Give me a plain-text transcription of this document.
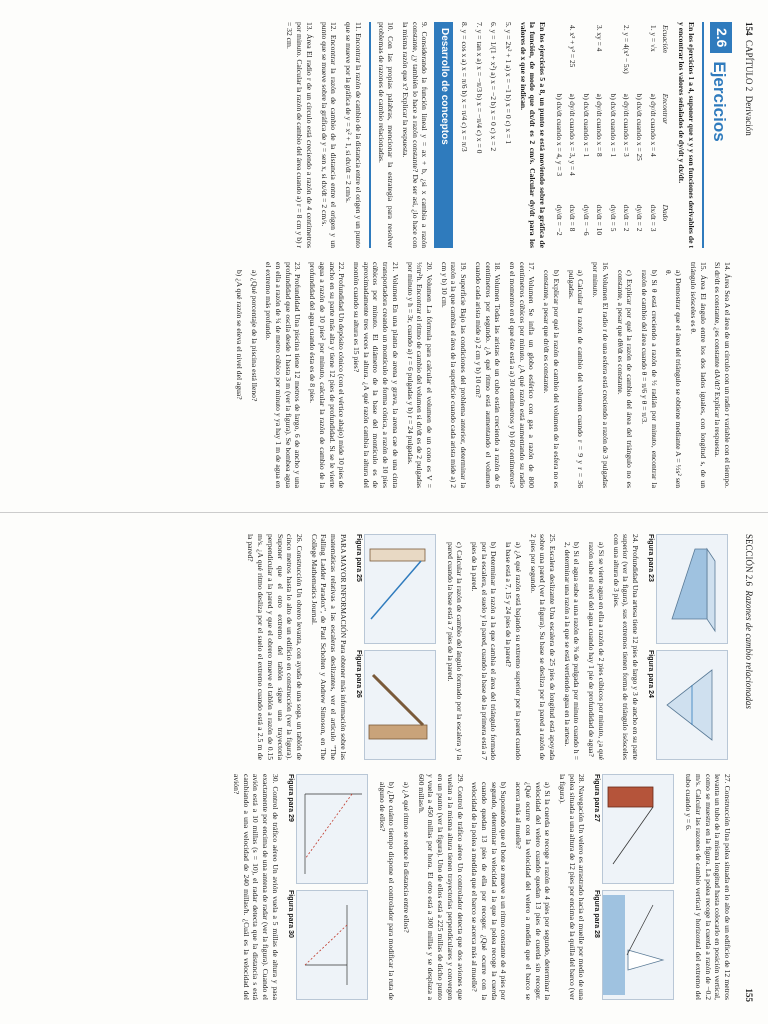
154  CAPÍTULO 2  Derivación
2.6 Ejercicios

En los ejercicios 1 a 4, suponer que x y y son funciones derivables de t y encontrar los valores señalados de dy/dt y dx/dt.

Ecuación	Encontrar	Dado
1. y = √x	a) dy/dt cuando x = 4	dx/dt = 3
	b) dx/dt cuando x = 25	dy/dt = 2
2. y = 4(x² − 5x)	a) dy/dt cuando x = 3	dx/dt = 2
	b) dx/dt cuando x = 1	dy/dt = 5
3. xy = 4	a) dy/dt cuando x = 8	dx/dt = 10
	b) dx/dt cuando x = 1	dy/dt = −6
4. x² + y² = 25	a) dy/dt cuando x = 3, y = 4	dx/dt = 8
	b) dx/dt cuando x = 4, y = 3	dy/dt = −2

En los ejercicios 5 a 8, un punto se está moviendo sobre la gráfica de la función, de modo que dx/dt es 2 cm/s. Calcular dy/dt para los valores de x que se indican.

5. y = 2x² + 1 a) x = −1 b) x = 0 c) x = 1

6. y = 1/(1 + x²) a) x = −2 b) x = 0 c) x = 2

7. y = tan x a) x = −π/3 b) x = −π/4 c) x = 0

8. y = cos x a) x = π/6 b) x = π/4 c) x = π/3

Desarrollo de conceptos

9. Considerando la función lineal y = ax + b, ¿si x cambia a razón constante, ¿y también lo hace a razón constante? De ser así, ¿lo hace con la misma razón que x? Explicar la respuesta.

10. Con las propias palabras, mencionar la estrategia para resolver problemas de razones de cambio relacionadas.

11. Encontrar la razón de cambio de la distancia entre el origen y un punto que se mueve por la gráfica de y = x² + 1, si dx/dt = 2 cm/s.

12. Encontrar la razón de cambio de la distancia entre el origen y un punto que se mueve sobre la gráfica de y = sen x, si dx/dt = 2 cm/s.

13. Área El radio r de un círculo está creciendo a razón de 4 centímetros por minuto. Calcular la razón de cambio del área cuando a) r = 8 cm y b) r = 32 cm.

14. Área Sea A el área de un círculo con un radio r variable con el tiempo. Si dr/dt es constante, ¿es constante dA/dt? Explicar la respuesta.

15. Área El ángulo entre los dos lados iguales, con longitud s, de un triángulo isósceles es θ.

a) Demostrar que el área del triángulo se obtiene mediante A = ½s² sen θ.

b) Si θ está creciendo a razón de ½ radián por minuto, encontrar la razón de cambio del área cuando θ = π/6 y θ = π/3.

c) Explicar por qué la razón de cambio del área del triángulo no es constante, a pesar que dθ/dt es constante.

16. Volumen El radio r de una esfera está creciendo a razón de 3 pulgadas por minuto.

a) Calcular la razón de cambio del volumen cuando r = 9 y r = 36 pulgadas.

b) Explicar por qué la razón de cambio del volumen de la esfera no es constante, a pesar que dr/dt es constante.

17. Volumen Se infla un globo esférico con gas a razón de 800 centímetros cúbicos por minuto. ¿A qué razón está aumentando su radio en el momento en el que éste está a a) 30 centímetros y b) 60 centímetros?

18. Volumen Todas las aristas de un cubo están creciendo a razón de 6 centímetros por segundo. ¿A qué ritmo está aumentando el volumen cuando cada arista mide a) 2 cm y b) 10 cm?

19. Superficie Bajo las condiciones del problema anterior, determinar la razón a la que cambia el área de la superficie cuando cada arista mide a) 2 cm y b) 10 cm.

20. Volumen La fórmula para calcular el volumen de un cono es V = ⅓πr²h. Encontrar el ritmo de cambio del volumen si dr/dt es de 2 pulgadas por minuto y h = 3r, cuando a) r = 6 pulgadas y b) r = 24 pulgadas.

21. Volumen En una planta de arena y grava, la arena cae de una cinta transportadora creando un montículo de forma cónica, a razón de 10 pies cúbicos por minuto. El diámetro de la base del montículo es de aproximadamente tres veces la altura. ¿A qué razón cambia la altura del montón cuando su altura es 15 pies?

22. Profundidad Un depósito cónico (con el vértice abajo) mide 10 pies de ancho en su parte más alta y tiene 12 pies de profundidad. Si se le vierte agua a razón de 10 pies³ por minuto, calcular la razón de cambio de la profundidad del agua cuando ésta es de 8 pies.

23. Profundidad Una piscina tiene 12 metros de largo, 6 de ancho y una profundidad que oscila desde 1 hasta 3 m (ver la figura). Se bombea agua en ella a razón de ¼ de metro cúbico por minuto y ya hay 1 m de agua en el extremo más profundo.

a) ¿Qué porcentaje de la piscina está lleno?

b) ¿A qué razón se eleva el nivel del agua?

SECCIÓN 2.6  Razones de cambio relacionadas
155
Figura para 23
Figura para 24

24. Profundidad Una artesa tiene 12 pies de largo y 3 de ancho en su parte superior (ver la figura), sus extremos tienen forma de triángulo isósceles con una altura de 3 pies.

a) Si se vierte agua en ella a razón de 2 pies cúbicos por minuto, ¿a qué razón sube el nivel del agua cuando hay 1 pie de profundidad de agua?

b) Si el agua sube a una razón de ⅜ de pulgada por minuto cuando h = 2, determinar una razón a la que se está vertiendo agua en la artesa.

25. Escalera deslizante Una escalera de 25 pies de longitud está apoyada sobre una pared (ver la figura). Su base se desliza por la pared a razón de 2 pies por segundo.

a) ¿A qué razón está bajando su extremo superior por la pared cuando la base está a 7, 15 y 24 pies de la pared?

b) Determinar la razón a la que cambia el área del triángulo formado por la escalera, el suelo y la pared, cuando la base de la primera está a 7 pies de la pared.

c) Calcular la razón de cambio del ángulo formado por la escalera y la pared cuando la base está a 7 pies de la pared.

Figura para 25
Figura para 26

PARA MAYOR INFORMACIÓN Para obtener más información sobre las matemáticas relativas a las escaleras deslizantes, ver el artículo "The Falling Ladder Paradox", de Paul Scholten y Andrew Simoson, en The College Mathematics Journal.

26. Construcción Un obrero levanta, con ayuda de una soga, un tablón de cinco metros hasta lo alto de un edificio en construcción (ver la figura). Suponer que el otro extremo del tablón sigue una trayectoria perpendicular a la pared y que el obrero mueve el tablón a razón de 0.15 m/s. ¿A qué ritmo desliza por el suelo el extremo cuando está a 2.5 m de la pared?

27. Construcción Una polea situada en lo alto de un edificio de 12 metros levanta un tubo de la misma longitud hasta colocarlo en posición vertical, como se muestra en la figura. La polea recoge la cuerda a razón de −0.2 m/s. Calcular las razones de cambio vertical y horizontal del extremo del tubo cuando y = 6.

Figura para 27
Figura para 28

28. Navegación Un velero es arrastrado hacia el muelle por medio de una polea situada a una altura de 12 pies por encima de la quilla del barco (ver la figura).

a) Si la cuerda se recoge a razón de 4 pies por segundo, determinar la velocidad del velero cuando quedan 13 pies de cuerda sin recoger. ¿Qué ocurre con la velocidad del velero a medida que el barco se acerca más al muelle?

b) Suponiendo que el bote se mueve a un ritmo constante de 4 pies por segundo, determinar la velocidad a la que la polea recoge la cuerda cuando quedan 13 pies de ella por recoger. ¿Qué ocurre con la velocidad de la polea a medida que el barco se acerca más al muelle?

29. Control de tráfico aéreo Un controlador detecta que dos aviones que vuelan a la misma altura tienen trayectorias perpendiculares y convergen en un punto (ver la figura). Uno de ellos está a 225 millas de dicho punto y vuela a 450 millas por hora. El otro está a 300 millas y se desplaza a 600 millas/h.

a) ¿A qué ritmo se reduce la distancia entre ellos?

b) ¿De cuánto tiempo dispone el controlador para modificar la ruta de alguno de ellos?

Figura para 29
Figura para 30

30. Control de tráfico aéreo Un avión vuela a 5 millas de altura y pasa exactamente por encima de una antena de radar (ver la figura). Cuando el avión está a 10 millas (s = 10), el radar detecta que la distancia s está cambiando a una velocidad de 240 millas/h. ¿Cuál es la velocidad del avión?
